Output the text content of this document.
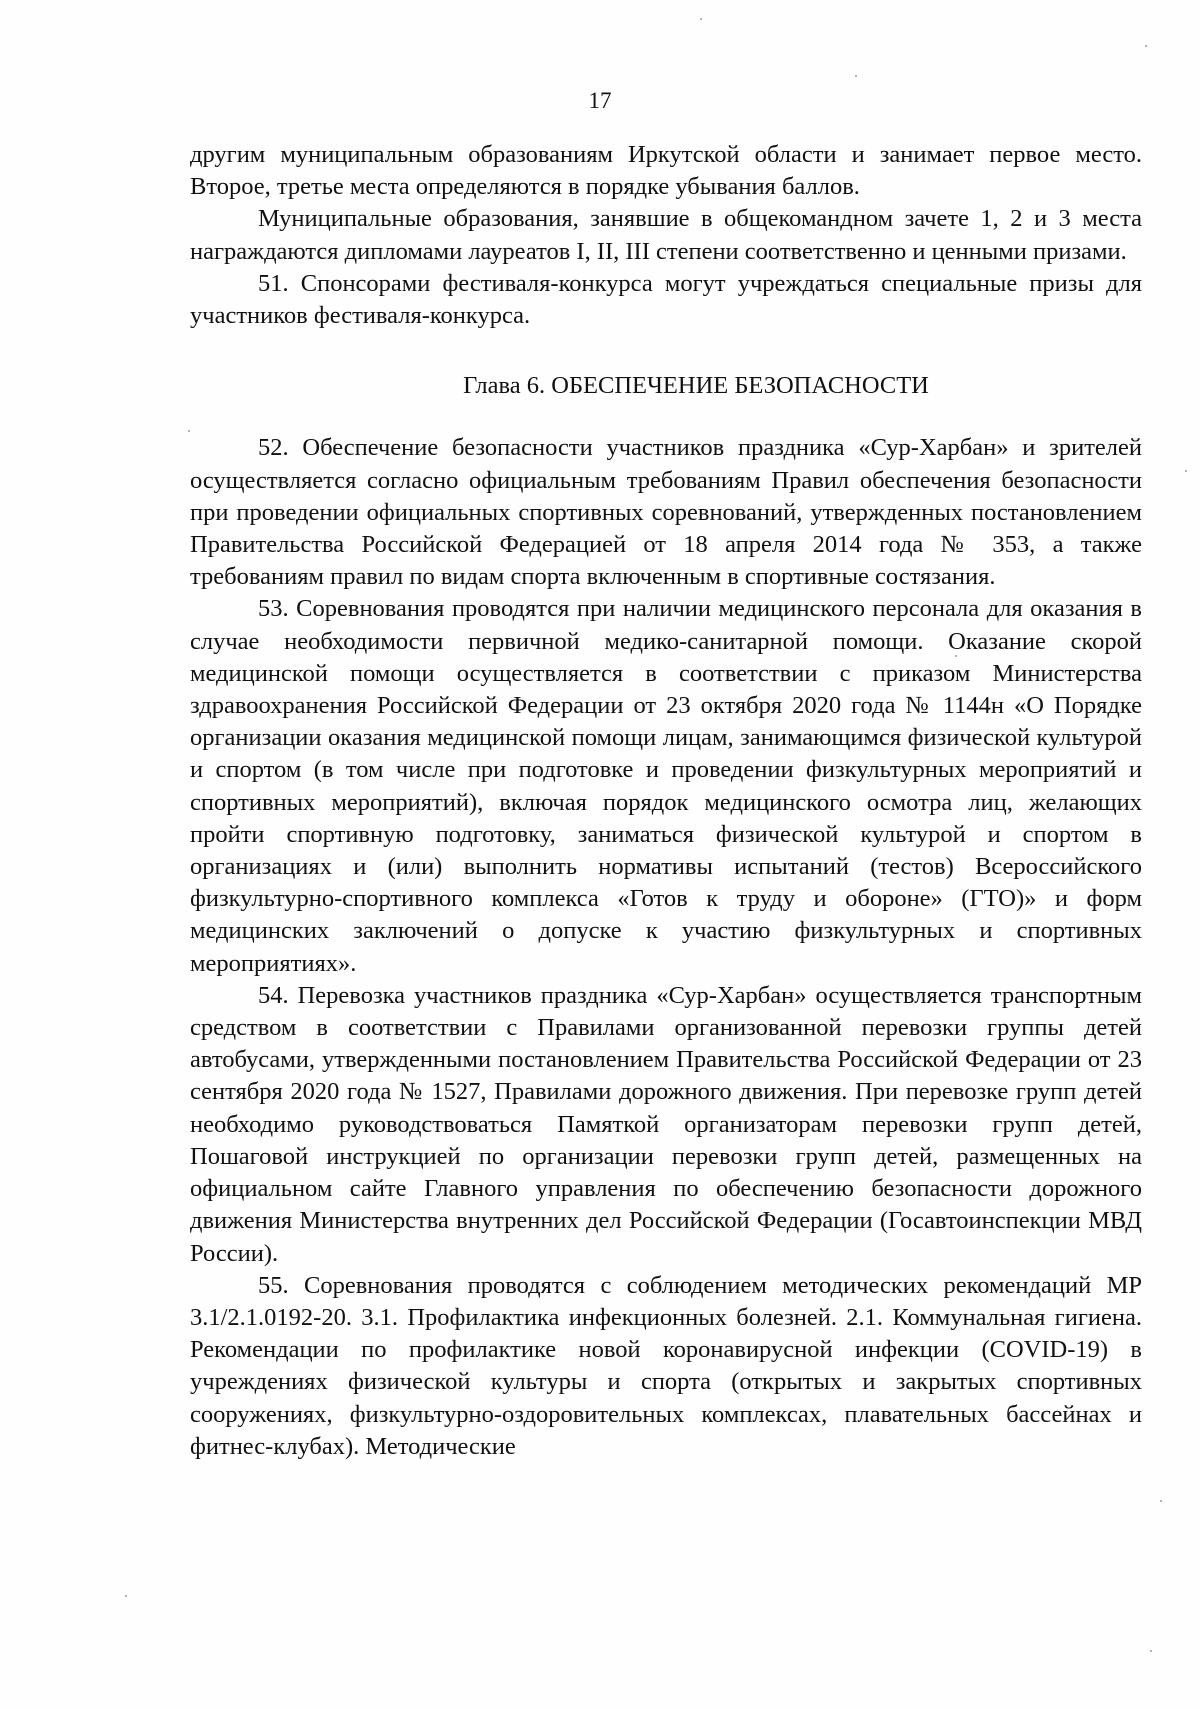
17

другим муниципальным образованиям Иркутской области и занимает первое место. Второе, третье места определяются в порядке убывания баллов.

Муниципальные образования, занявшие в общекомандном зачете 1, 2 и 3 места награждаются дипломами лауреатов I, II, III степени соответственно и ценными призами.

51. Спонсорами фестиваля-конкурса могут учреждаться специальные призы для участников фестиваля-конкурса.

Глава 6. ОБЕСПЕЧЕНИЕ БЕЗОПАСНОСТИ

52. Обеспечение безопасности участников праздника «Сур-Харбан» и зрителей осуществляется согласно официальным требованиям Правил обеспечения безопасности при проведении официальных спортивных соревнований, утвержденных постановлением Правительства Российской Федерацией от 18 апреля 2014 года № 353, а также требованиям правил по видам спорта включенным в спортивные состязания.

53. Соревнования проводятся при наличии медицинского персонала для оказания в случае необходимости первичной медико-санитарной помощи. Оказание скорой медицинской помощи осуществляется в соответствии с приказом Министерства здравоохранения Российской Федерации от 23 октября 2020 года № 1144н «О Порядке организации оказания медицинской помощи лицам, занимающимся физической культурой и спортом (в том числе при подготовке и проведении физкультурных мероприятий и спортивных мероприятий), включая порядок медицинского осмотра лиц, желающих пройти спортивную подготовку, заниматься физической культурой и спортом в организациях и (или) выполнить нормативы испытаний (тестов) Всероссийского физкультурно-спортивного комплекса «Готов к труду и обороне» (ГТО)» и форм медицинских заключений о допуске к участию физкультурных и спортивных мероприятиях».

54. Перевозка участников праздника «Сур-Харбан» осуществляется транспортным средством в соответствии с Правилами организованной перевозки группы детей автобусами, утвержденными постановлением Правительства Российской Федерации от 23 сентября 2020 года № 1527, Правилами дорожного движения. При перевозке групп детей необходимо руководствоваться Памяткой организаторам перевозки групп детей, Пошаговой инструкцией по организации перевозки групп детей, размещенных на официальном сайте Главного управления по обеспечению безопасности дорожного движения Министерства внутренних дел Российской Федерации (Госавтоинспекции МВД России).

55. Соревнования проводятся с соблюдением методических рекомендаций МР 3.1/2.1.0192-20. 3.1. Профилактика инфекционных болезней. 2.1. Коммунальная гигиена. Рекомендации по профилактике новой коронавирусной инфекции (COVID-19) в учреждениях физической культуры и спорта (открытых и закрытых спортивных сооружениях, физкультурно-оздоровительных комплексах, плавательных бассейнах и фитнес-клубах). Методические
